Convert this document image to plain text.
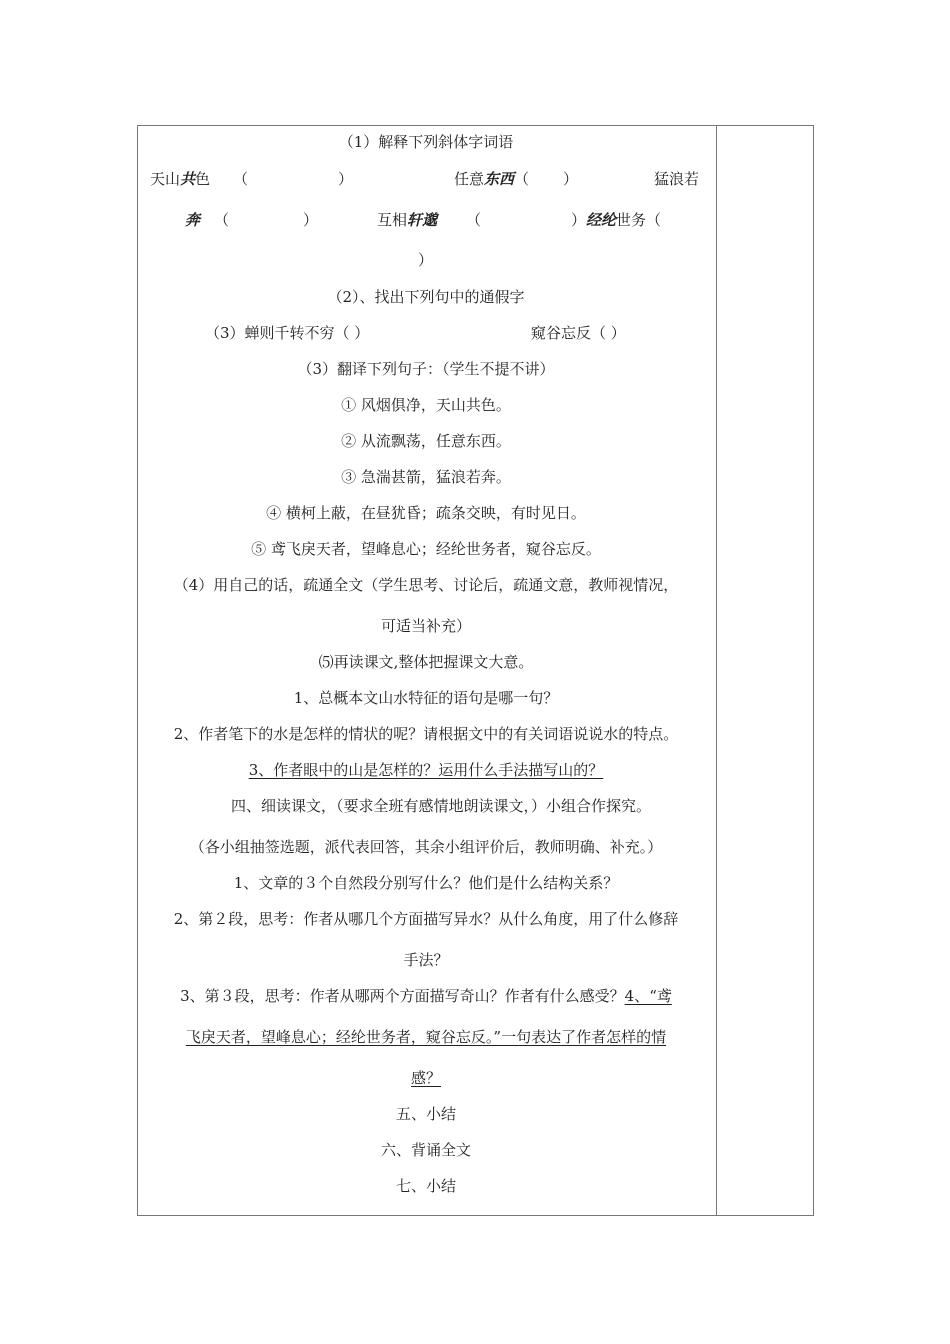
（1）解释下列斜体字词语
天山共色 （	）	任意东西（ ）	猛浪若
奔 （	）	互相轩邈 （	）经纶世务（
）
（2）、找出下列句中的通假字
（3）蝉则千转不穷（ ）	窥谷忘反（ ）
（3）翻译下列句子：（学生不提不讲）
① 风烟俱净，天山共色。
② 从流飘荡，任意东西。
③ 急湍甚箭，猛浪若奔。
④ 横柯上蔽，在昼犹昏；疏条交映，有时见日。
⑤ 鸢飞戾天者，望峰息心；经纶世务者，窥谷忘反。
（4）用自己的话，疏通全文（学生思考、讨论后，疏通文意，教师视情况，
可适当补充）
⑸再读课文,整体把握课文大意。
1、总概本文山水特征的语句是哪一句？
2、作者笔下的水是怎样的情状的呢？请根据文中的有关词语说说水的特点。
3、作者眼中的山是怎样的？运用什么手法描写山的？
四、细读课文，（要求全班有感情地朗读课文，）小组合作探究。
（各小组抽签选题，派代表回答，其余小组评价后，教师明确、补充。）
1、文章的３个自然段分别写什么？他们是什么结构关系？
2、第２段，思考：作者从哪几个方面描写异水？从什么角度，用了什么修辞
手法？
3、第３段，思考：作者从哪两个方面描写奇山？作者有什么感受？4、“鸢
飞戾天者，望峰息心；经纶世务者，窥谷忘反。”一句表达了作者怎样的情
感？
五、小结
六、背诵全文
七、小结
